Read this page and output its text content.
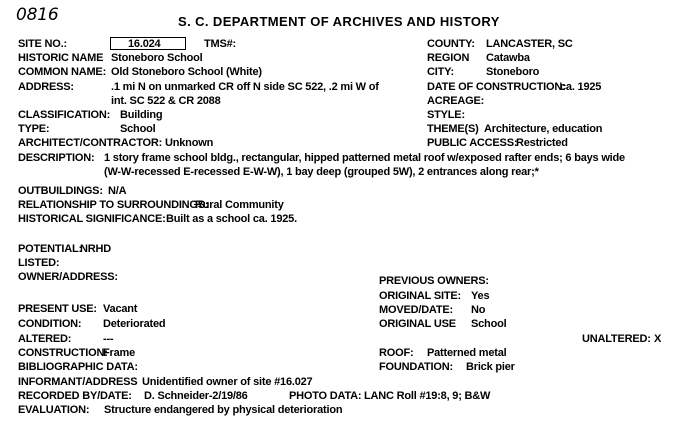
0816	S. C. DEPARTMENT OF ARCHIVES AND HISTORY
SITE NO.:	16.024	TMS#:
HISTORIC NAME Stoneboro School
COMMON NAME: Old Stoneboro School (White)
ADDRESS:	.1 mi N on unmarked CR off N side SC 522, .2 mi W of
int. SC 522 & CR 2088
CLASSIFICATION: Building
TYPE:	School
ARCHITECT/CONTRACTOR: Unknown
COUNTY: LANCASTER, SC
REGION Catawba
CITY:	Stoneboro
DATE OF CONSTRUCTION:
ca. 1925
ACREAGE:
STYLE:
THEME(S) Architecture, education
PUBLIC ACCESS:
Restricted
DESCRIPTION: 1 story frame school bldg., rectangular, hipped patterned metal roof w/exposed rafter ends; 6 bays wide
(W-W-recessed E-recessed E-W-W), 1 bay deep (grouped 5W), 2 entrances along rear;*
OUTBUILDINGS: N/A
RELATIONSHIP TO SURROUNDINGS:
Rural Community
HISTORICAL SIGNIFICANCE: Built as a school ca. 1925.
POTENTIAL:
NRHD
LISTED:
OWNER/ADDRESS:	PREVIOUS OWNERS:
ORIGINAL SITE: Yes
MOVED/DATE: No
ORIGINAL USE School
UNALTERED: X
PRESENT USE: Vacant
CONDITION: Deteriorated
ALTERED:	---
CONSTRUCTION:
Frame	ROOF: Patterned metal
BIBLIOGRAPHIC DATA:	FOUNDATION: Brick pier
INFORMANT/ADDRESS Unidentified owner of site #16.027
RECORDED BY/DATE: D. Schneider-2/19/86	PHOTO DATA: LANC Roll #19:8, 9; B&W
EVALUATION: Structure endangered by physical deterioration
